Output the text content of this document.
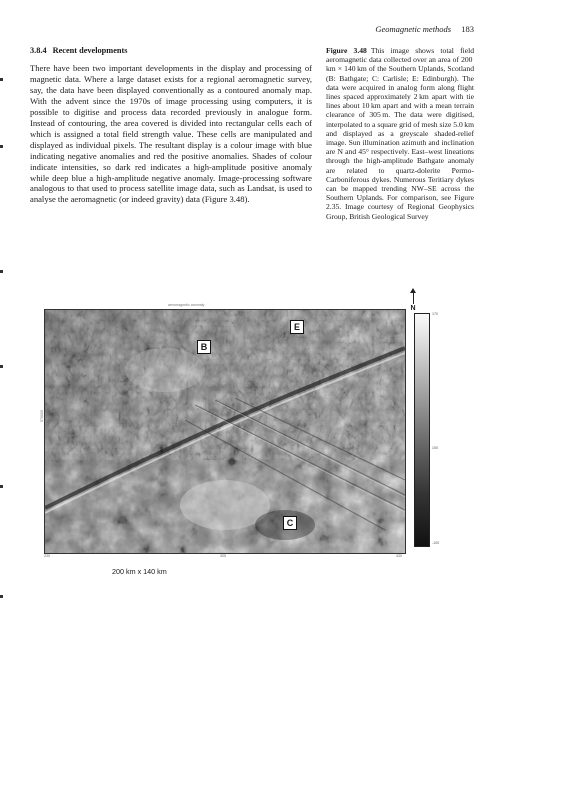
Geomagnetic methods 183

3.8.4 Recent developments

There have been two important developments in the display and processing of magnetic data. Where a large dataset exists for a regional aeromagnetic survey, say, the data have been displayed conventionally as a contoured anomaly map. With the advent since the 1970s of image processing using computers, it is possible to digitise and process data recorded previously in analogue form. Instead of contouring, the area covered is divided into rectangular cells each of which is assigned a total field strength value. These cells are manipulated and displayed as individual pixels. The resultant display is a colour image with blue indicating negative anomalies and red the positive anomalies. Shades of colour indicate intensities, so dark red indicates a high-amplitude positive anomaly while deep blue a high-amplitude negative anomaly. Image-processing software analogous to that used to process satellite image data, such as Landsat, is used to analyse the aeromagnetic (or indeed gravity) data (Figure 3.48).

Figure 3.48 This image shows total field aeromagnetic data collected over an area of 200 km × 140 km of the Southern Uplands, Scotland (B: Bathgate; C: Carlisle; E: Edinburgh). The data were acquired in analog form along flight lines spaced approximately 2 km apart with tie lines about 10 km apart and with a mean terrain clearance of 305 m. The data were digitised, interpolated to a square grid of mesh size 5.0 km and displayed as a greyscale shaded-relief image. Sun illumination azimuth and inclination are N and 45° respectively. East–west lineations through the high-amplitude Bathgate anomaly are related to quartz-dolerite Permo-Carboniferous dykes. Numerous Teritiary dykes can be mapped trending NW–SE across the Southern Uplands. For comparison, see Figure 2.35. Image courtesy of Regional Geophysics Group, British Geological Survey

N
aeromagnetic anomaly
570000
B
E
C
170
100
-100
230	305	430
200 km x 140 km
